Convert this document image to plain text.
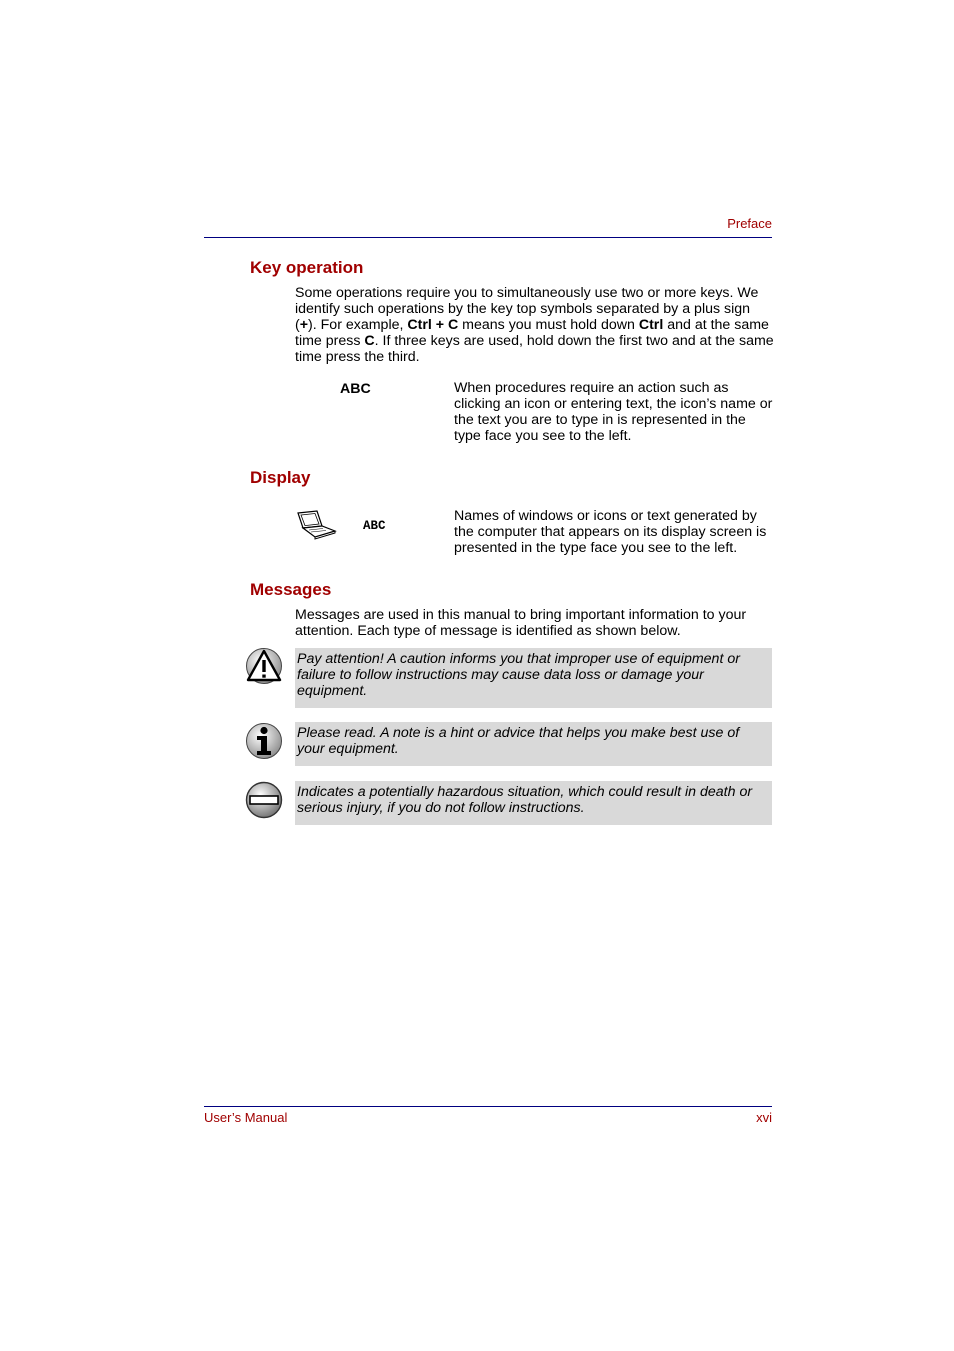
Preface
Key operation
Some operations require you to simultaneously use two or more keys. We identify such operations by the key top symbols separated by a plus sign (+). For example, Ctrl + C means you must hold down Ctrl and at the same time press C. If three keys are used, hold down the first two and at the same time press the third.
ABC	When procedures require an action such as clicking an icon or entering text, the icon’s name or the text you are to type in is represented in the type face you see to the left.
Display
ABC
Names of windows or icons or text generated by the computer that appears on its display screen is presented in the type face you see to the left.
Messages
Messages are used in this manual to bring important information to your attention. Each type of message is identified as shown below.
Pay attention! A caution informs you that improper use of equipment or failure to follow instructions may cause data loss or damage your equipment.
Please read. A note is a hint or advice that helps you make best use of your equipment.
Indicates a potentially hazardous situation, which could result in death or serious injury, if you do not follow instructions.
User’s Manual	xvi
